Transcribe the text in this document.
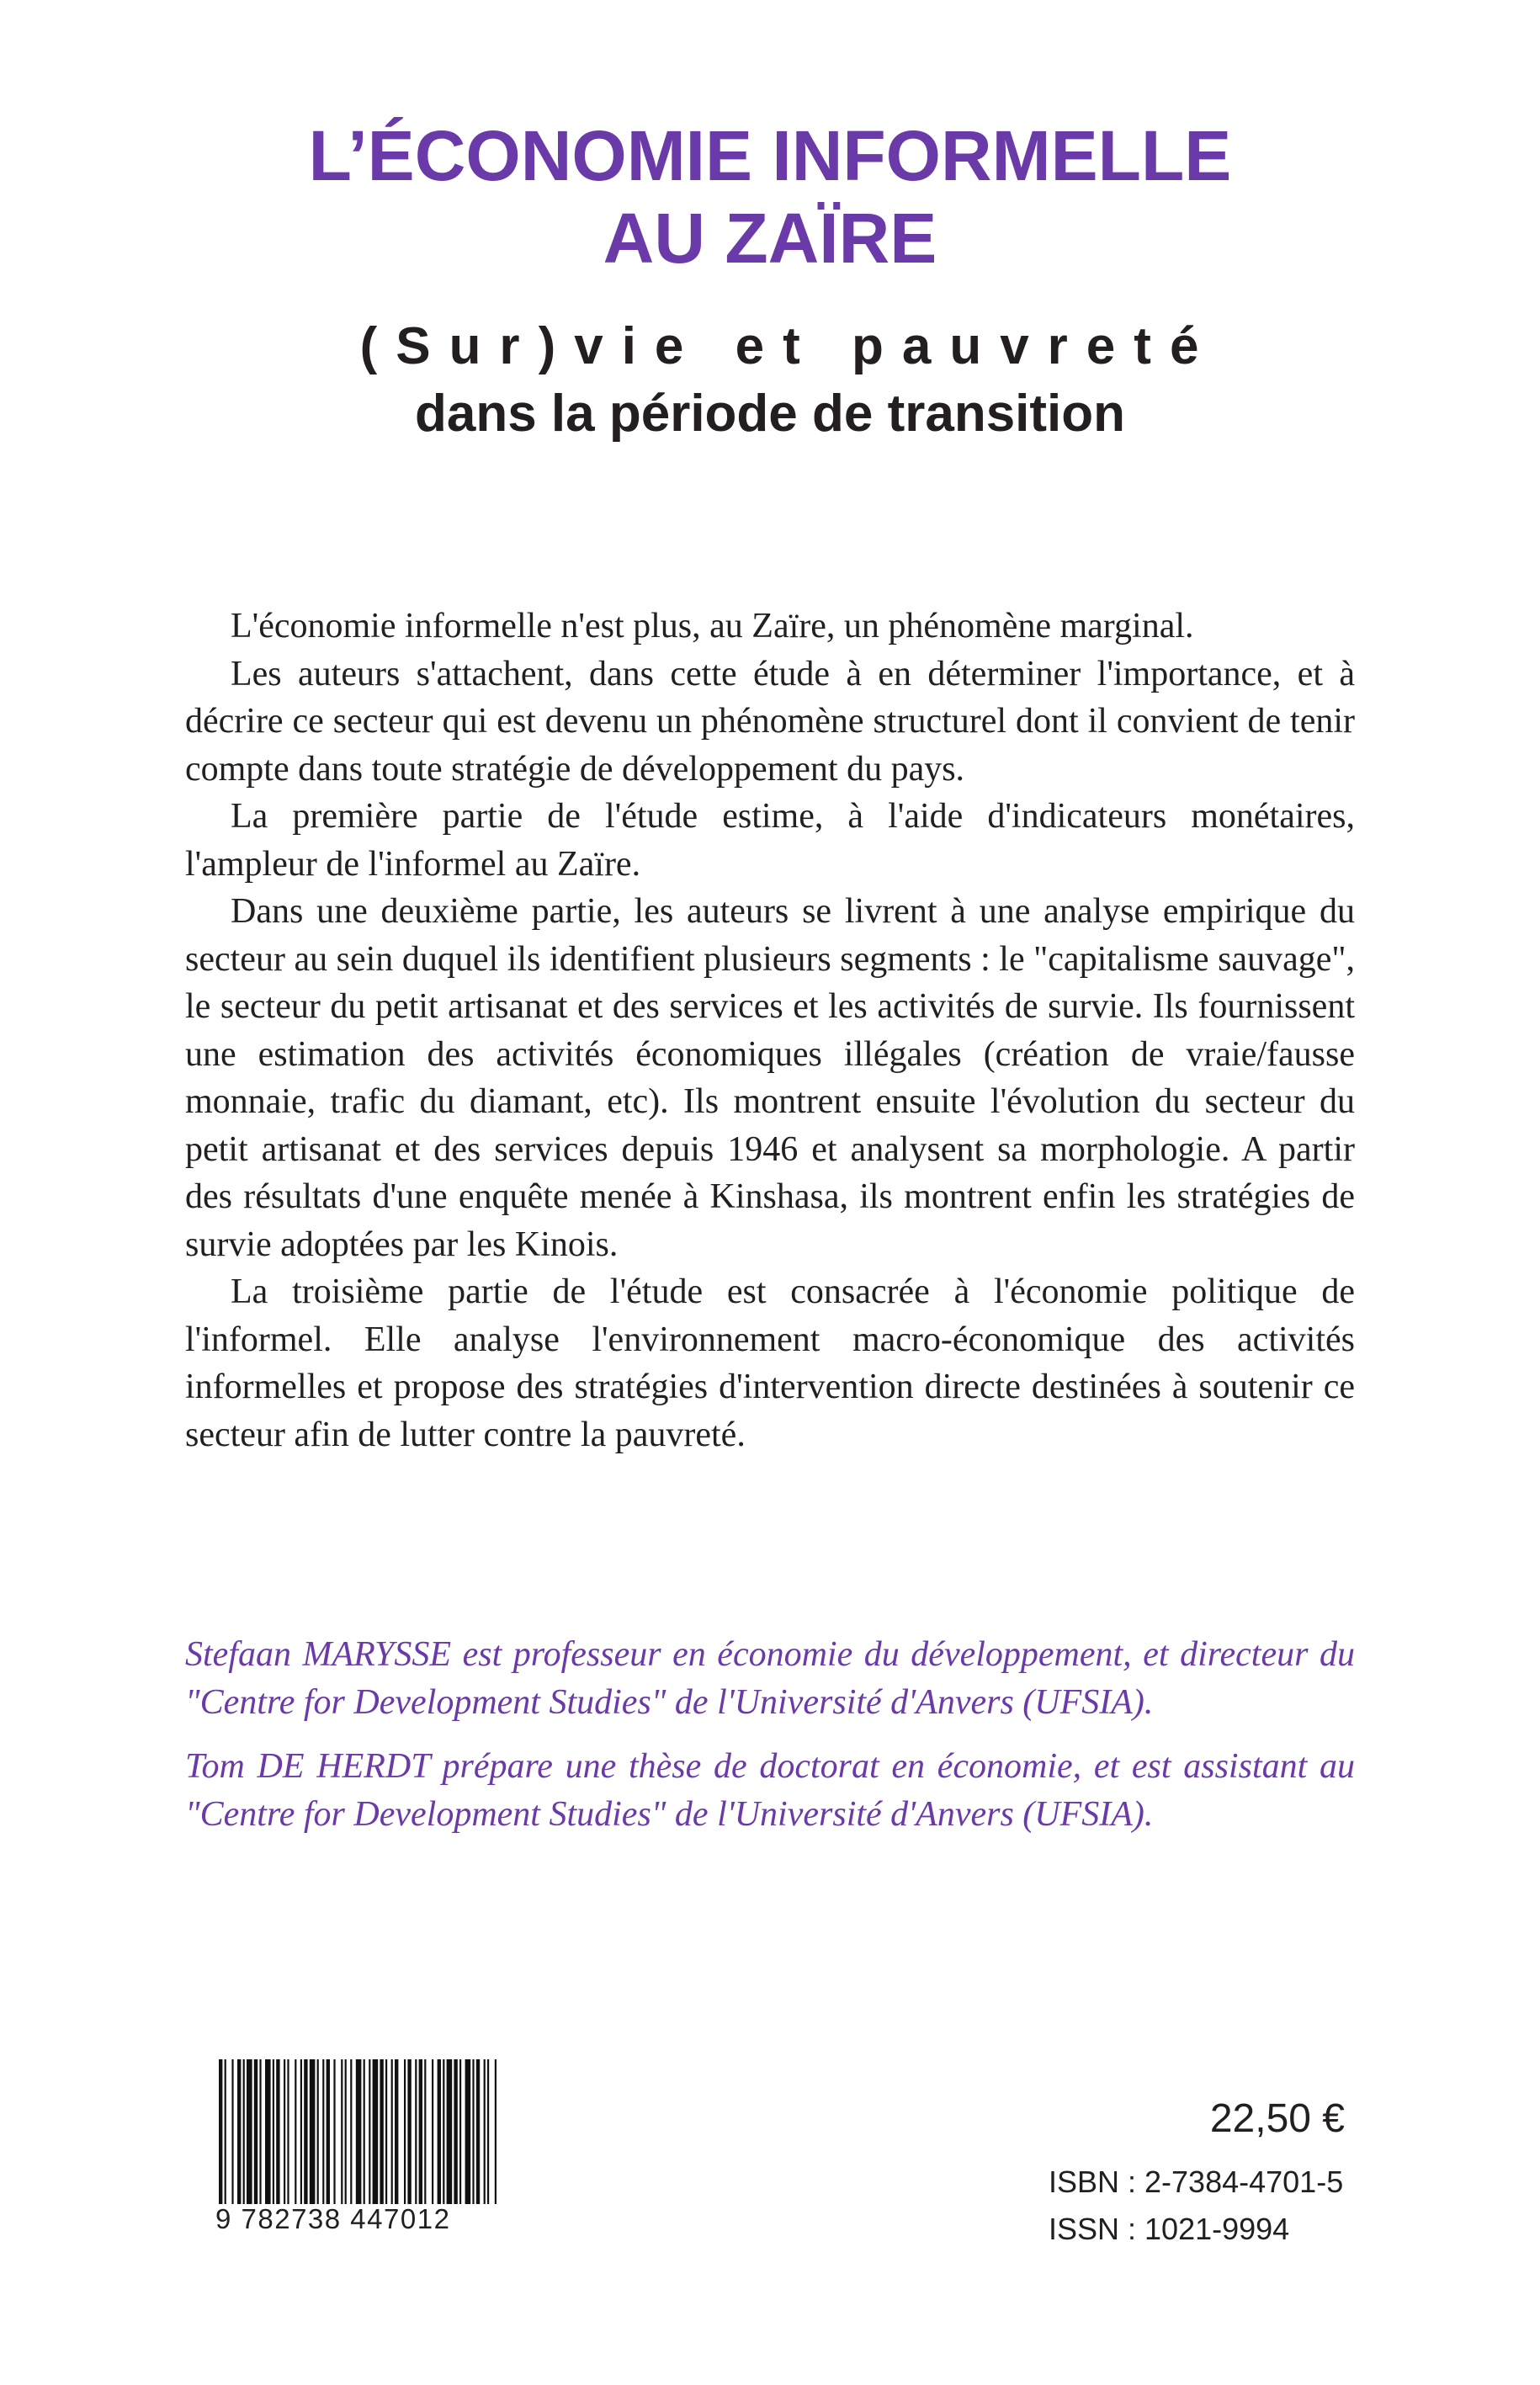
L’ÉCONOMIE INFORMELLE
AU ZAÏRE
(Sur)vie et pauvreté
dans la période de transition

L'économie informelle n'est plus, au Zaïre, un phénomène marginal.

Les auteurs s'attachent, dans cette étude à en déterminer l'importance, et à décrire ce secteur qui est devenu un phénomène structurel dont il convient de tenir compte dans toute stratégie de développement du pays.

La première partie de l'étude estime, à l'aide d'indicateurs monétaires, l'ampleur de l'informel au Zaïre.

Dans une deuxième partie, les auteurs se livrent à une analyse empirique du secteur au sein duquel ils identifient plusieurs segments : le "capitalisme sauvage", le secteur du petit artisanat et des services et les activités de survie. Ils fournissent une estimation des activités économiques illégales (création de vraie/fausse monnaie, trafic du diamant, etc). Ils montrent ensuite l'évolution du secteur du petit artisanat et des services depuis 1946 et analysent sa morphologie. A partir des résultats d'une enquête menée à Kinshasa, ils montrent enfin les stratégies de survie adoptées par les Kinois.

La troisième partie de l'étude est consacrée à l'économie politique de l'informel. Elle analyse l'environnement macro-économique des activités informelles et propose des stratégies d'intervention directe destinées à soutenir ce secteur afin de lutter contre la pauvreté.

Stefaan MARYSSE est professeur en économie du développement, et directeur du "Centre for Development Studies" de l'Université d'Anvers (UFSIA).

Tom DE HERDT prépare une thèse de doctorat en économie, et est assistant au "Centre for Development Studies" de l'Université d'Anvers (UFSIA).

9 782738 447012
22,50 €
ISBN : 2-7384-4701-5
ISSN : 1021-9994
